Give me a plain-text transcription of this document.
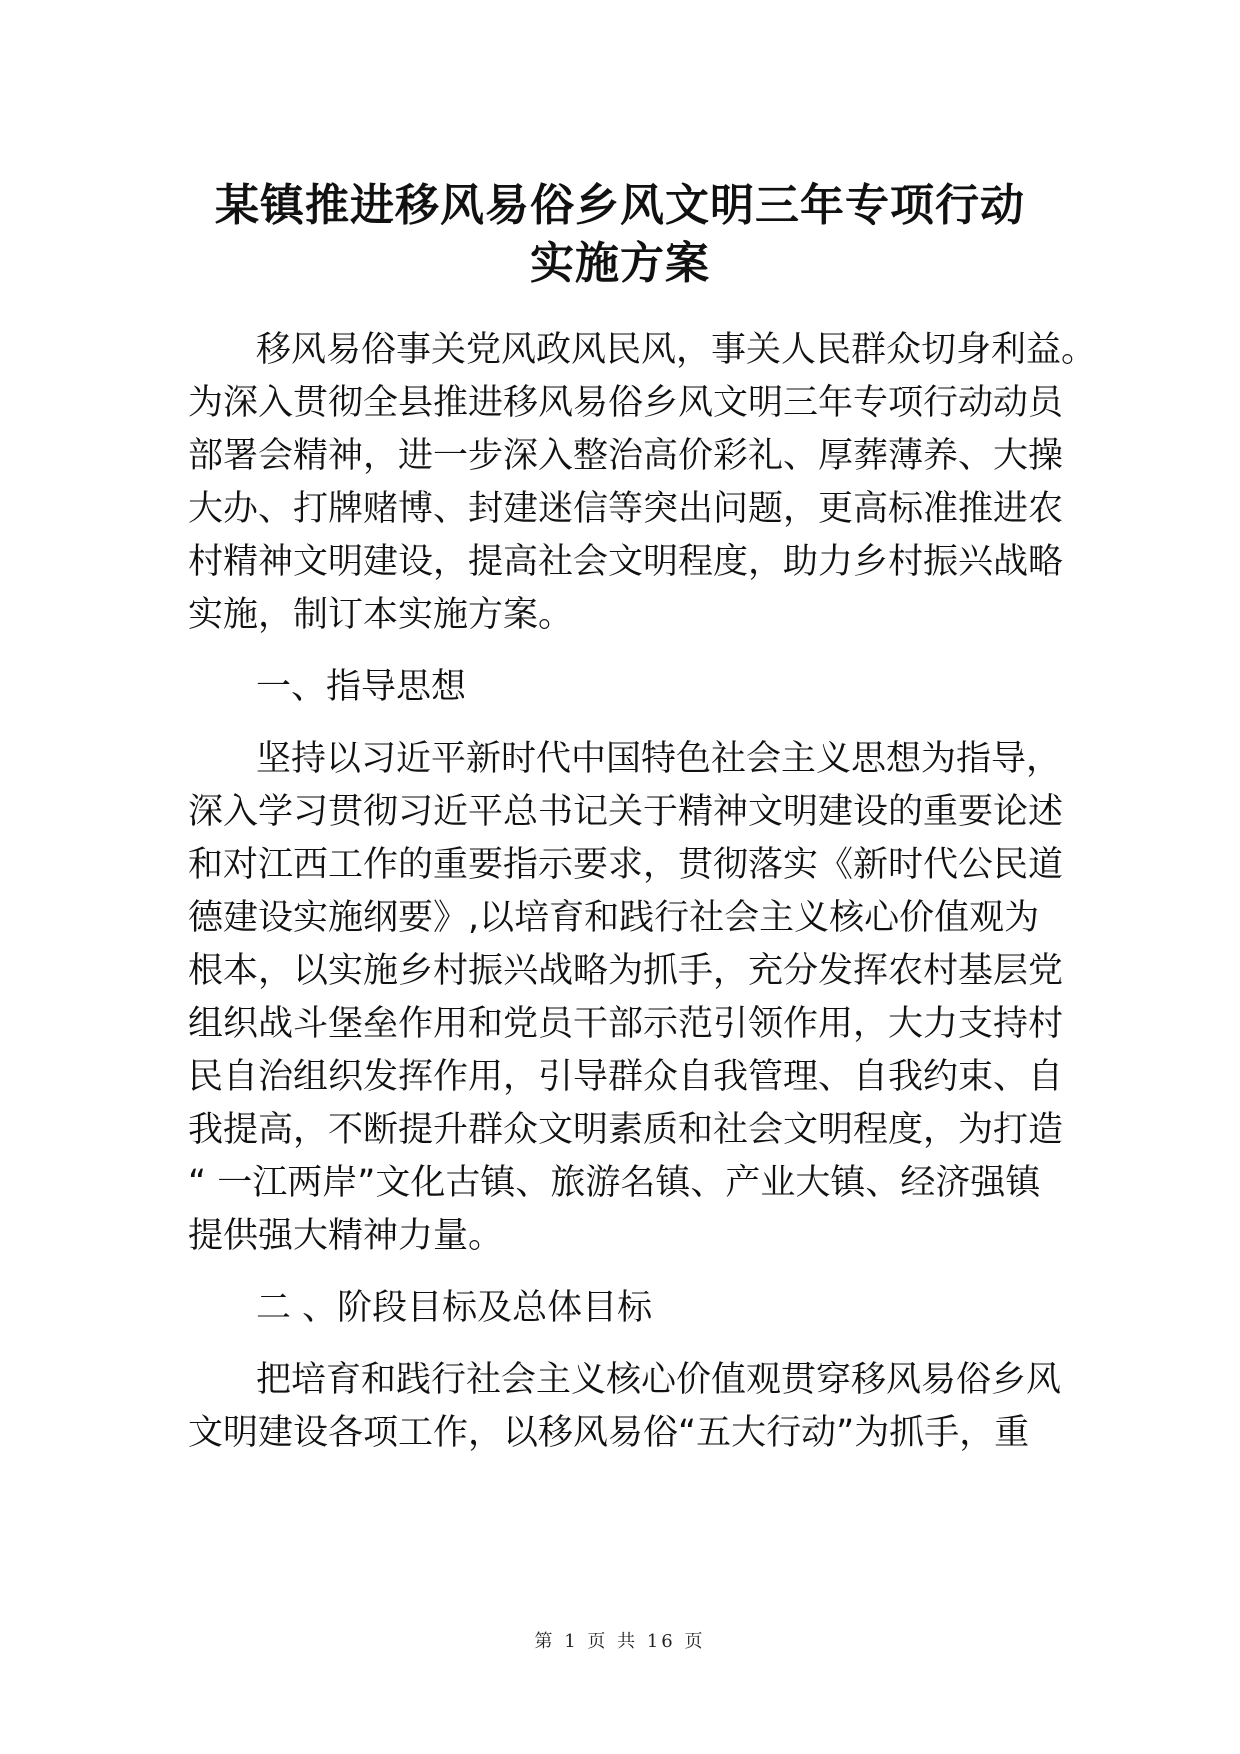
某镇推进移风易俗乡风文明三年专项行动
实施方案

移风易俗事关党风政风民风，事关人民群众切身利益。

为深入贯彻全县推进移风易俗乡风文明三年专项行动动员

部署会精神，进一步深入整治高价彩礼、厚葬薄养、大操

大办、打牌赌博、封建迷信等突出问题，更高标准推进农

村精神文明建设，提高社会文明程度，助力乡村振兴战略

实施，制订本实施方案。

一、指导思想

坚持以习近平新时代中国特色社会主义思想为指导，

深入学习贯彻习近平总书记关于精神文明建设的重要论述

和对江西工作的重要指示要求，贯彻落实《新时代公民道

德建设实施纲要》,以培育和践行社会主义核心价值观为

根本，以实施乡村振兴战略为抓手，充分发挥农村基层党

组织战斗堡垒作用和党员干部示范引领作用，大力支持村

民自治组织发挥作用，引导群众自我管理、自我约束、自

我提高，不断提升群众文明素质和社会文明程度，为打造

“ 一江两岸”文化古镇、旅游名镇、产业大镇、经济强镇

提供强大精神力量。

二 、阶段目标及总体目标

把培育和践行社会主义核心价值观贯穿移风易俗乡风

文明建设各项工作，以移风易俗“五大行动”为抓手，重

第 1 页 共 16 页
